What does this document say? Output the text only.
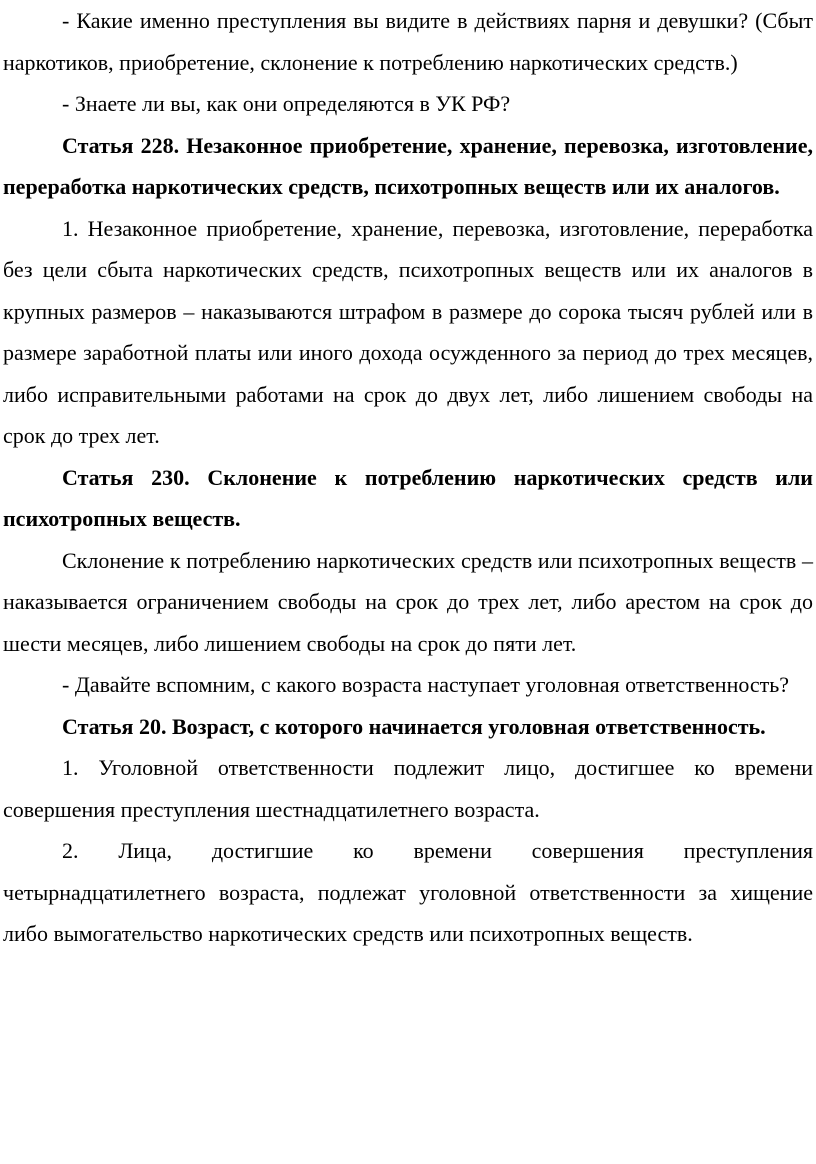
- Какие именно преступления вы видите в действиях парня и девушки? (Сбыт наркотиков, приобретение, склонение к потреблению наркотических средств.)

- Знаете ли вы, как они определяются в УК РФ?

Статья 228. Незаконное приобретение, хранение, перевозка, изготовление, переработка наркотических средств, психотропных веществ или их аналогов.

1. Незаконное приобретение, хранение, перевозка, изготовление, переработка без цели сбыта наркотических средств, психотропных веществ или их аналогов в крупных размеров – наказываются штрафом в размере до сорока тысяч рублей или в размере заработной платы или иного дохода осужденного за период до трех месяцев, либо исправительными работами на срок до двух лет, либо лишением свободы на срок до трех лет.

Статья 230. Склонение к потреблению наркотических средств или психотропных веществ.

Склонение к потреблению наркотических средств или психотропных веществ – наказывается ограничением свободы на срок до трех лет, либо арестом на срок до шести месяцев, либо лишением свободы на срок до пяти лет.

- Давайте вспомним, с какого возраста наступает уголовная ответственность?

Статья 20. Возраст, с которого начинается уголовная ответственность.

1. Уголовной ответственности подлежит лицо, достигшее ко времени совершения преступления шестнадцатилетнего возраста.

2. Лица, достигшие ко времени совершения преступления четырнадцатилетнего возраста, подлежат уголовной ответственности за хищение либо вымогательство наркотических средств или психотропных веществ.
